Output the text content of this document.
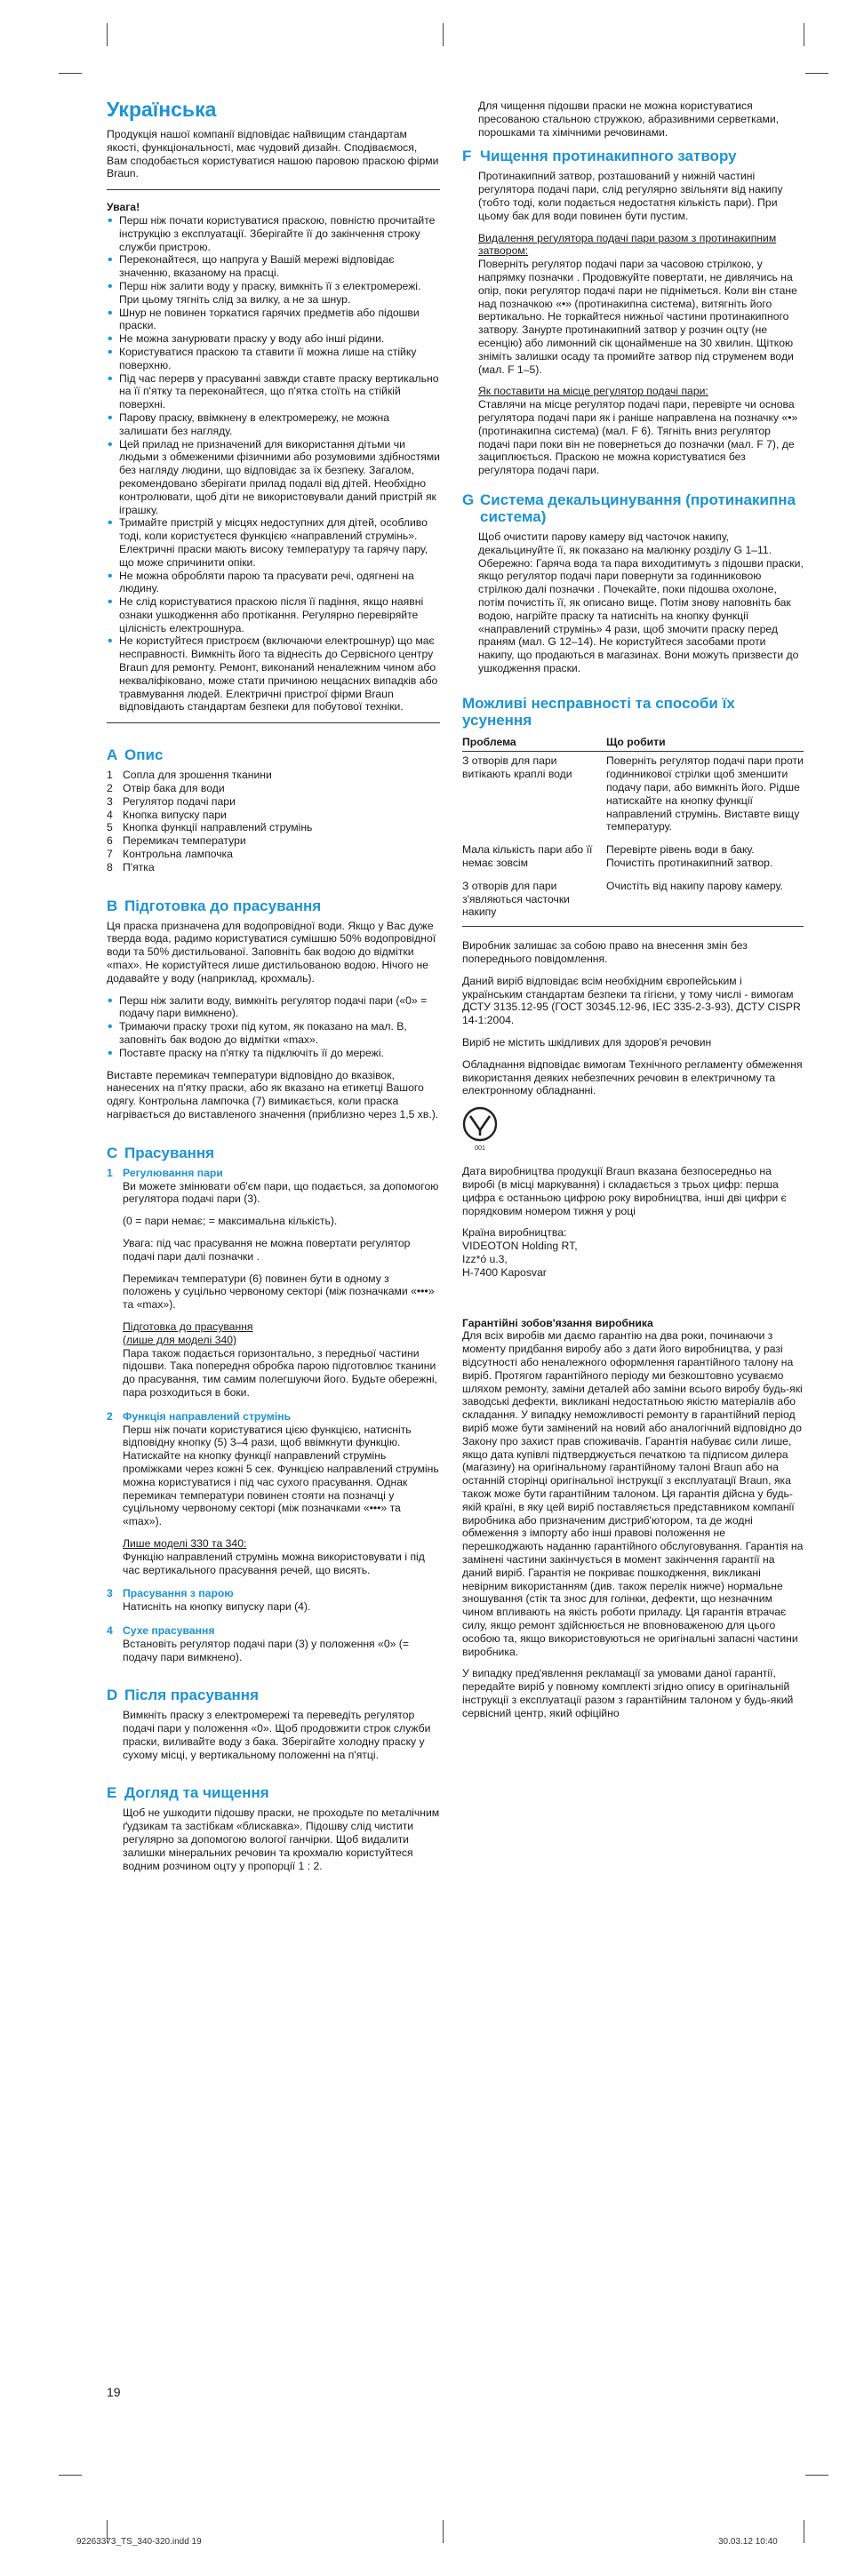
Українська

Продукція нашої компанії відповідає найвищим стандартам якості, функціональності, має чудовий дизайн. Сподіваємося, Вам сподобається користуватися нашою паровою праскою фірми Braun.

Увага!

• Перш ніж почати користуватися праскою, повністю прочитайте інструкцію з експлуатації. Зберігайте її до закінчення строку служби пристрою.
• Переконайтеся, що напруга у Вашій мережі відповідає значенню, вказаному на прасці.
• Перш ніж залити воду у праску, вимкніть її з електромережі. При цьому тягніть слід за вилку, а не за шнур.
• Шнур не повинен торкатися гарячих предметів або підошви праски.
• Не можна занурювати праску у воду або інші рідини.
• Користуватися праскою та ставити її можна лише на стійку поверхню.
• Під час перерв у прасуванні завжди ставте праску вертикально на її п'ятку та переконайтеся, що п'ятка стоїть на стійкій поверхні.
• Парову праску, ввімкнену в електромережу, не можна залишати без нагляду.
• Цей прилад не призначений для використання дітьми чи людьми з обмеженими фізичними або розумовими здібностями без нагляду людини, що відповідає за їх безпеку. Загалом, рекомендовано зберігати прилад подалі від дітей. Необхідно контролювати, щоб діти не використовували даний пристрій як іграшку.
• Тримайте пристрій у місцях недоступних для дітей, особливо тоді, коли користуєтеся функцією «направлений струмінь». Електричні праски мають високу температуру та гарячу пару, що може спричинити опіки.
• Не можна обробляти парою та прасувати речі, одягнені на людину.
• Не слід користуватися праскою після її падіння, якщо наявні ознаки ушкодження або протікання. Регулярно перевіряйте цілісність електрошнура.
• Не користуйтеся пристроєм (включаючи електрошнур) що має несправності. Вимкніть його та віднесіть до Сервісного центру Braun для ремонту. Ремонт, виконаний неналежним чином або некваліфіковано, може стати причиною нещасних випадків або травмування людей. Електричні пристрої фірми Braun відповідають стандартам безпеки для побутової техніки.
A Опис
1 Сопла для зрошення тканини
2 Отвір бака для води
3 Регулятор подачі пари
4 Кнопка випуску пари
5 Кнопка функції направлений струмінь
6 Перемикач температури
7 Контрольна лампочка
8 П'ятка
B Підготовка до прасування

Ця праска призначена для водопровідної води. Якщо у Вас дуже тверда вода, радимо користуватися сумішшю 50% водопровідної води та 50% дистильованої. Заповніть бак водою до відмітки «max». Не користуйтеся лише дистильованою водою. Нічого не додавайте у воду (наприклад, крохмаль).

• Перш ніж залити воду, вимкніть регулятор подачі пари («0» = подачу пари вимкнено).
• Тримаючи праску трохи під кутом, як показано на мал. B, заповніть бак водою до відмітки «max».
• Поставте праску на п'ятку та підключіть її до мережі.

Виставте перемикач температури відповідно до вказівок, нанесених на п'ятку праски, або як вказано на етикетці Вашого одягу. Контрольна лампочка (7) вимикається, коли праска нагрівається до виставленого значення (приблизно через 1,5 хв.).

C Прасування
1 Регулювання пари

Ви можете змінювати об'єм пари, що подається, за допомогою регулятора подачі пари (3).

(0 = пари немає; = максимальна кількість).

Увага: під час прасування не можна повертати регулятор подачі пари далі позначки .

Перемикач температури (6) повинен бути в одному з положень у суцільно червоному секторі (між позначками «•••» та «max»).

Підготовка до прасування
(лише для моделі 340)

Пара також подається горизонтально, з передньої частини підошви. Така попередня обробка парою підготовлює тканини до прасування, тим самим полегшуючи його. Будьте обережні, пара розходиться в боки.

2 Функція направлений струмінь

Перш ніж почати користуватися цією функцією, натисніть відповідну кнопку (5) 3–4 рази, щоб ввімкнути функцію. Натискайте на кнопку функції направлений струмінь проміжками через кожні 5 сек. Функцією направлений струмінь можна користуватися і під час сухого прасування. Однак перемикач температури повинен стояти на позначці у суцільному червоному секторі (між позначками «•••» та «max»).

Лише моделі 330 та 340:

Функцію направлений струмінь можна використовувати і під час вертикального прасування речей, що висять.

3 Прасування з парою

Натисніть на кнопку випуску пари (4).

4 Сухе прасування

Встановіть регулятор подачі пари (3) у положення «0» (= подачу пари вимкнено).

D Після прасування

Вимкніть праску з електромережі та переведіть регулятор подачі пари у положення «0». Щоб продовжити строк служби праски, виливайте воду з бака. Зберігайте холодну праску у сухому місці, у вертикальному положенні на п'ятці.

E Догляд та чищення

Щоб не ушкодити підошву праски, не проходьте по металічним ґудзикам та застібкам «блискавка». Підошву слід чистити регулярно за допомогою вологої ганчірки. Щоб видалити залишки мінеральних речовин та крохмалю користуйтеся водним розчином оцту у пропорції 1 : 2.

Для чищення підошви праски не можна користуватися пресованою стальною стружкою, абразивними серветками, порошками та хімічними речовинами.

F Чищення протинакипного затвору

Протинакипний затвор, розташований у нижній частині регулятора подачі пари, слід регулярно звільняти від накипу (тобто тоді, коли подається недостатня кількість пари). При цьому бак для води повинен бути пустим.

Видалення регулятора подачі пари разом з протинакипним затвором:

Поверніть регулятор подачі пари за часовою стрілкою, у напрямку позначки . Продовжуйте повертати, не дивлячись на опір, поки регулятор подачі пари не підніметься. Коли він стане над позначкою «•» (протинакипна система), витягніть його вертикально. Не торкайтеся нижньої частини протинакипного затвору. Занурте протинакипний затвор у розчин оцту (не есенцію) або лимонний сік щонайменше на 30 хвилин. Щіткою зніміть залишки осаду та промийте затвор під струменем води (мал. F 1–5).

Як поставити на місце регулятор подачі пари:

Ставлячи на місце регулятор подачі пари, перевірте чи основа регулятора подачі пари як і раніше направлена на позначку «•» (протинакипна система) (мал. F 6). Тягніть вниз регулятор подачі пари поки він не повернеться до позначки (мал. F 7), де зациплюється. Праскою не можна користуватися без регулятора подачі пари.

G Система декальцинування (протинакипна система)

Щоб очистити парову камеру від часточок накипу, декальцинуйте її, як показано на малюнку розділу G 1–11. Обережно: Гаряча вода та пара виходитимуть з підошви праски, якщо регулятор подачі пари повернути за годинниковою стрілкою далі позначки . Почекайте, поки підошва охолоне, потім почистіть її, як описано вище. Потім знову наповніть бак водою, нагрійте праску та натисніть на кнопку функції «направлений струмінь» 4 рази, щоб змочити праску перед праням (мал. G 12–14). Не користуйтеся засобами проти накипу, що продаються в магазинах. Вони можуть призвести до ушкодження праски.

Можливі несправності та способи їх усунення
Проблема	Що робити
З отворів для пари витікають краплі води	Поверніть регулятор подачі пари проти годинникової стрілки щоб зменшити подачу пари, або вимкніть його. Рідше натискайте на кнопку функції направлений струмінь. Виставте вищу температуру.
Мала кількість пари або її немає зовсім	Перевірте рівень води в баку. Почистіть протинакипний затвор.
З отворів для пари з'являються часточки накипу	Очистіть від накипу парову камеру.

Виробник залишає за собою право на внесення змін без попереднього повідомлення.

Даний виріб відповідає всім необхідним європейським і українським стандартам безпеки та гігієни, у тому числі - вимогам ДСТУ 3135.12-95 (ГОСТ 30345.12-96, IEC 335-2-3-93), ДСТУ CISPR 14-1:2004.

Виріб не містить шкідливих для здоров'я речовин

Обладнання відповідає вимогам Технічного регламенту обмеження використання деяких небезпечних речовин в електричному та електронному обладнанні.

001

Дата виробництва продукції Braun вказана безпосередньо на виробі (в місці маркування) і складається з трьох цифр: перша цифра є останньою цифрою року виробництва, інші дві цифри є порядковим номером тижня у році

Країна виробництва:
VIDEOTON Holding RT,
Izz*ó u.3,
H-7400 Kaposvar
Гарантійні зобов'язання виробника

Для всіх виробів ми даємо гарантію на два роки, починаючи з моменту придбання виробу або з дати його виробництва, у разі відсутності або неналежного оформлення гарантійного талону на виріб. Протягом гарантійного періоду ми безкоштовно усуваємо шляхом ремонту, заміни деталей або заміни всього виробу будь-які заводські дефекти, викликані недостатньою якістю матеріалів або складання. У випадку неможливості ремонту в гарантійний період виріб може бути замінений на новий або аналогічний відповідно до Закону про захист прав споживачів. Гарантія набуває сили лише, якщо дата купівлі підтверджується печаткою та підписом дилера (магазину) на оригінальному гарантійному талоні Braun або на останній сторінці оригінальної інструкції з експлуатації Braun, яка також може бути гарантійним талоном. Ця гарантія дійсна у будь-якій країні, в яку цей виріб поставляється представником компанії виробника або призначеним дистриб'ютором, та де жодні обмеження з імпорту або інші правові положення не перешкоджають наданню гарантійного обслуговування. Гарантія на замінені частини закінчується в момент закінчення гарантії на даний виріб. Гарантія не покриває пошкодження, викликані невірним використанням (див. також перелік нижче) нормальне зношування (стік та знос для голінки, дефекти, що незначним чином впливають на якість роботи приладу. Ця гарантія втрачає силу, якщо ремонт здійснюється не вповноваженою для цього особою та, якщо використовуються не оригінальні запасні частини виробника.

У випадку пред'явлення рекламації за умовами даної гарантії, передайте виріб у повному комплекті згідно опису в оригінальній інструкції з експлуатації разом з гарантійним талоном у будь-який сервісний центр, який офіційно

19
92263373_TS_340-320.indd 19	30.03.12 10:40
